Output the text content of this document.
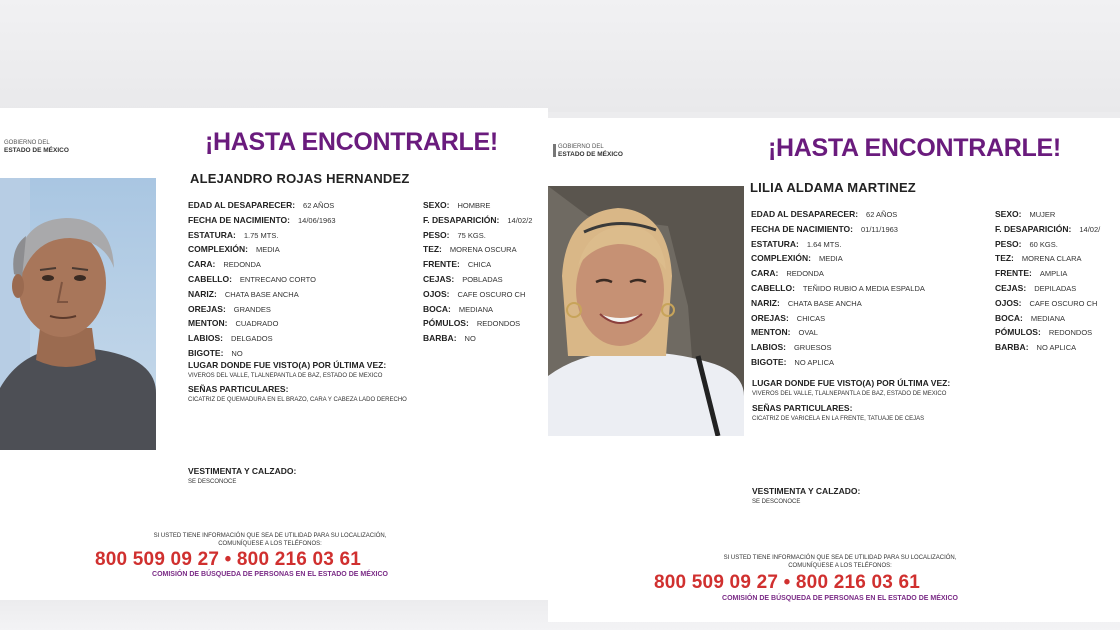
GOBIERNO DEL
ESTADO DE MÉXICO	¡HASTA ENCONTRARLE!
ALEJANDRO ROJAS HERNANDEZ
EDAD AL DESAPARECER: 62 AÑOS
FECHA DE NACIMIENTO: 14/06/1963
ESTATURA: 1.75 MTS.
COMPLEXIÓN: MEDIA
CARA: REDONDA
CABELLO: ENTRECANO CORTO
NARIZ: CHATA BASE ANCHA
OREJAS: GRANDES
MENTON: CUADRADO
LABIOS: DELGADOS
BIGOTE: NO
SEXO: HOMBRE
F. DESAPARICIÓN: 14/02/2
PESO: 75 KGS.
TEZ: MORENA OSCURA
FRENTE: CHICA
CEJAS: POBLADAS
OJOS: CAFE OSCURO CH
BOCA: MEDIANA
PÓMULOS: REDONDOS
BARBA: NO
LUGAR DONDE FUE VISTO(A) POR ÚLTIMA VEZ:
VIVEROS DEL VALLE, TLALNEPANTLA DE BAZ, ESTADO DE MEXICO
SEÑAS PARTICULARES:
CICATRIZ DE QUEMADURA EN EL BRAZO, CARA Y CABEZA LADO DERECHO
VESTIMENTA Y CALZADO:
SE DESCONOCE
SI USTED TIENE INFORMACIÓN QUE SEA DE UTILIDAD PARA SU LOCALIZACIÓN,
COMUNÍQUESE A LOS TELÉFONOS:
800 509 09 27 • 800 216 03 61
COMISIÓN DE BÚSQUEDA DE PERSONAS EN EL ESTADO DE MÉXICO
GOBIERNO DEL
ESTADO DE MÉXICO	¡HASTA ENCONTRARLE!
LILIA ALDAMA MARTINEZ
EDAD AL DESAPARECER: 62 AÑOS
FECHA DE NACIMIENTO: 01/11/1963
ESTATURA: 1.64 MTS.
COMPLEXIÓN: MEDIA
CARA: REDONDA
CABELLO: TEÑIDO RUBIO A MEDIA ESPALDA
NARIZ: CHATA BASE ANCHA
OREJAS: CHICAS
MENTON: OVAL
LABIOS: GRUESOS
BIGOTE: NO APLICA
SEXO: MUJER
F. DESAPARICIÓN: 14/02/
PESO: 60 KGS.
TEZ: MORENA CLARA
FRENTE: AMPLIA
CEJAS: DEPILADAS
OJOS: CAFE OSCURO CH
BOCA: MEDIANA
PÓMULOS: REDONDOS
BARBA: NO APLICA
LUGAR DONDE FUE VISTO(A) POR ÚLTIMA VEZ:
VIVEROS DEL VALLE, TLALNEPANTLA DE BAZ, ESTADO DE MEXICO
SEÑAS PARTICULARES:
CICATRIZ DE VARICELA EN LA FRENTE, TATUAJE DE CEJAS
VESTIMENTA Y CALZADO:
SE DESCONOCE
SI USTED TIENE INFORMACIÓN QUE SEA DE UTILIDAD PARA SU LOCALIZACIÓN,
COMUNÍQUESE A LOS TELÉFONOS:
800 509 09 27 • 800 216 03 61
COMISIÓN DE BÚSQUEDA DE PERSONAS EN EL ESTADO DE MÉXICO
